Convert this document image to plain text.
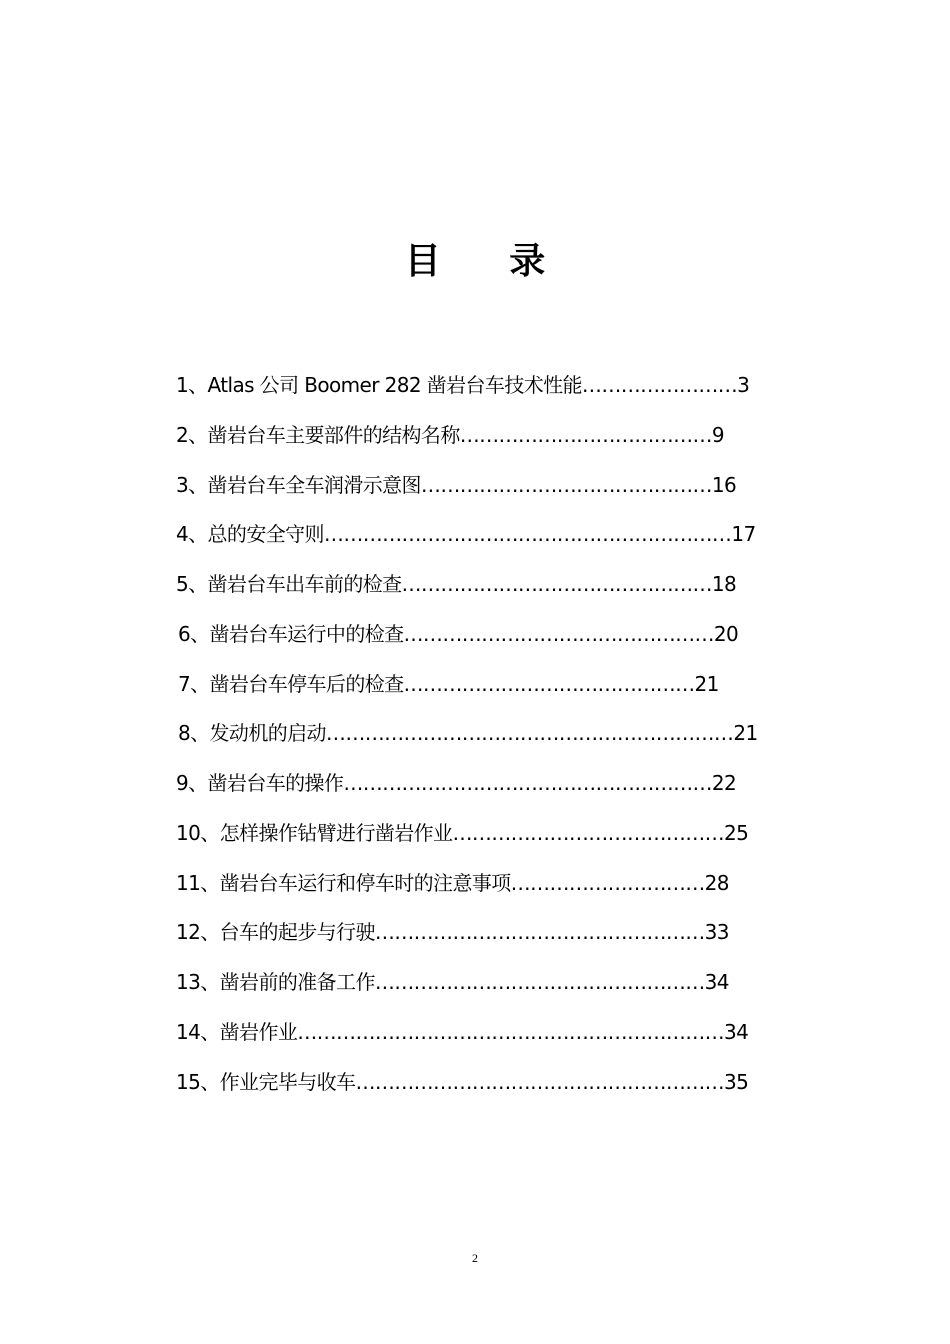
目 录
1、Atlas 公司 Boomer 282 凿岩台车技术性能……………………3
2、凿岩台车主要部件的结构名称…………………………………9
3、凿岩台车全车润滑示意图………………………………………16
4、总的安全守则………………………………………………………17
5、凿岩台车出车前的检查…………………………………………18
6、凿岩台车运行中的检查…………………………………………20
7、凿岩台车停车后的检查………………………………………21
8、发动机的启动………………………………………………………21
9、凿岩台车的操作…………………………………………………22
10、怎样操作钻臂进行凿岩作业……………………………………25
11、凿岩台车运行和停车时的注意事项…………………………28
12、台车的起步与行驶……………………………………………33
13、凿岩前的准备工作……………………………………………34
14、凿岩作业…………………………………………………………34
15、作业完毕与收车…………………………………………………35
2
